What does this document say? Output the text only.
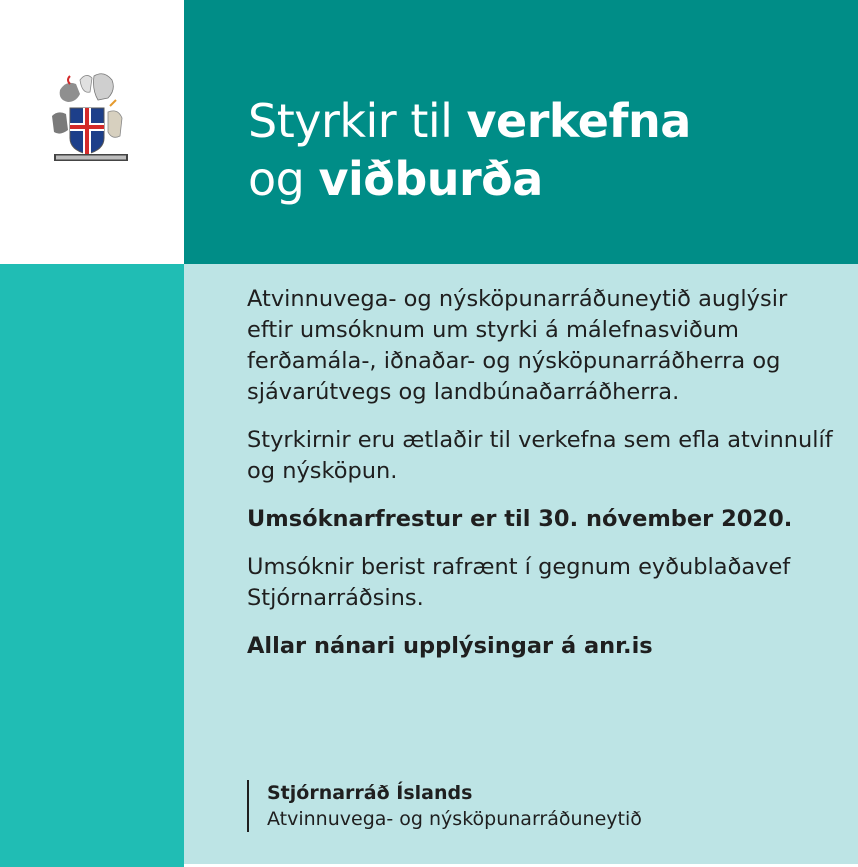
Styrkir til verkefna
og viðburða

Atvinnuvega- og nýsköpunarráðuneytið auglýsir eftir umsóknum um styrki á málefnasviðum ferðamála-, iðnaðar- og nýsköpunarráðherra og sjávarútvegs og landbúnaðarráðherra.

Styrkirnir eru ætlaðir til verkefna sem efla atvinnulíf og nýsköpun.

Umsóknarfrestur er til 30. nóvember 2020.

Umsóknir berist rafrænt í gegnum eyðublaðavef Stjórnarráðsins.

Allar nánari upplýsingar á anr.is

Stjórnarráð Íslands
Atvinnuvega- og nýsköpunarráðuneytið
